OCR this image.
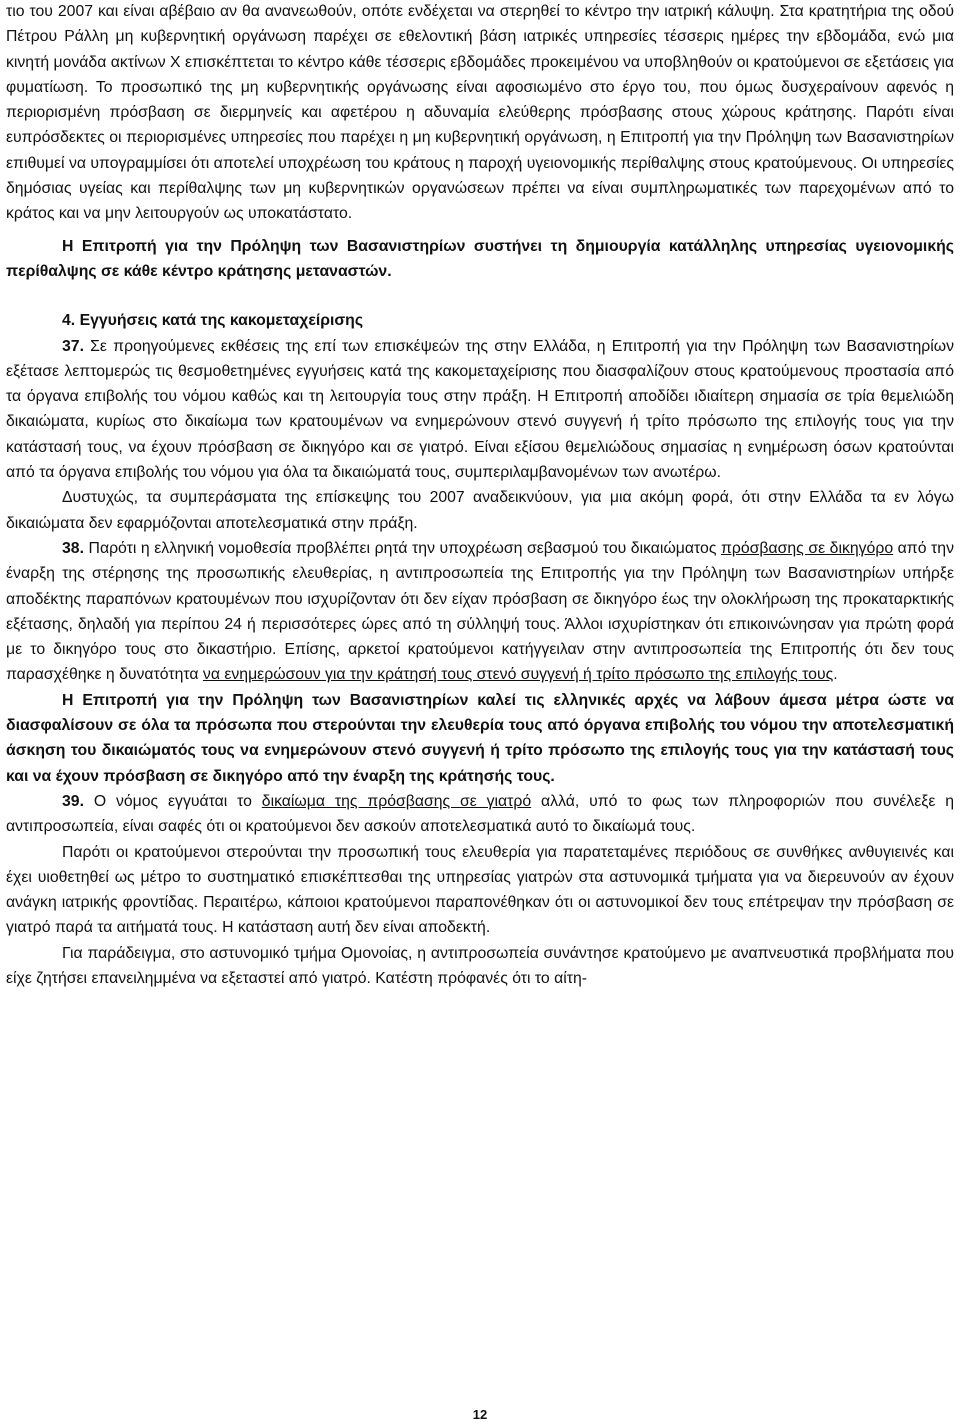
τιο του 2007 και είναι αβέβαιο αν θα ανανεωθούν, οπότε ενδέχεται να στερηθεί το κέντρο την ιατρική κάλυψη. Στα κρατητήρια της οδού Πέτρου Ράλλη μη κυβερνητική οργάνωση παρέχει σε εθελοντική βάση ιατρικές υπηρεσίες τέσσερις ημέρες την εβδομάδα, ενώ μια κινητή μονάδα ακτίνων Χ επισκέπτεται το κέντρο κάθε τέσσερις εβδομάδες προκειμένου να υποβληθούν οι κρατούμενοι σε εξετάσεις για φυματίωση. Το προσωπικό της μη κυβερνητικής οργάνωσης είναι αφοσιωμένο στο έργο του, που όμως δυσχεραίνουν αφενός η περιορισμένη πρόσβαση σε διερμηνείς και αφετέρου η αδυναμία ελεύθερης πρόσβασης στους χώρους κράτησης. Παρότι είναι ευπρόσδεκτες οι περιορισμένες υπηρεσίες που παρέχει η μη κυβερνητική οργάνωση, η Επιτροπή για την Πρόληψη των Βασανιστηρίων επιθυμεί να υπογραμμίσει ότι αποτελεί υποχρέωση του κράτους η παροχή υγειονομικής περίθαλψης στους κρατούμενους. Οι υπηρεσίες δημόσιας υγείας και περίθαλψης των μη κυβερνητικών οργανώσεων πρέπει να είναι συμπληρωματικές των παρεχομένων από το κράτος και να μην λειτουργούν ως υποκατάστατο.

Η Επιτροπή για την Πρόληψη των Βασανιστηρίων συστήνει τη δημιουργία κατάλληλης υπηρεσίας υγειονομικής περίθαλψης σε κάθε κέντρο κράτησης μεταναστών.

4. Εγγυήσεις κατά της κακομεταχείρισης

37. Σε προηγούμενες εκθέσεις της επί των επισκέψεών της στην Ελλάδα, η Επιτροπή για την Πρόληψη των Βασανιστηρίων εξέτασε λεπτομερώς τις θεσμοθετημένες εγγυήσεις κατά της κακομεταχείρισης που διασφαλίζουν στους κρατούμενους προστασία από τα όργανα επιβολής του νόμου καθώς και τη λειτουργία τους στην πράξη. Η Επιτροπή αποδίδει ιδιαίτερη σημασία σε τρία θεμελιώδη δικαιώματα, κυρίως στο δικαίωμα των κρατουμένων να ενημερώνουν στενό συγγενή ή τρίτο πρόσωπο της επιλογής τους για την κατάστασή τους, να έχουν πρόσβαση σε δικηγόρο και σε γιατρό. Είναι εξίσου θεμελιώδους σημασίας η ενημέρωση όσων κρατούνται από τα όργανα επιβολής του νόμου για όλα τα δικαιώματά τους, συμπεριλαμβανομένων των ανωτέρω.

Δυστυχώς, τα συμπεράσματα της επίσκεψης του 2007 αναδεικνύουν, για μια ακόμη φορά, ότι στην Ελλάδα τα εν λόγω δικαιώματα δεν εφαρμόζονται αποτελεσματικά στην πράξη.

38. Παρότι η ελληνική νομοθεσία προβλέπει ρητά την υποχρέωση σεβασμού του δικαιώματος πρόσβασης σε δικηγόρο από την έναρξη της στέρησης της προσωπικής ελευθερίας, η αντιπροσωπεία της Επιτροπής για την Πρόληψη των Βασανιστηρίων υπήρξε αποδέκτης παραπόνων κρατουμένων που ισχυρίζονταν ότι δεν είχαν πρόσβαση σε δικηγόρο έως την ολοκλήρωση της προκαταρκτικής εξέτασης, δηλαδή για περίπου 24 ή περισσότερες ώρες από τη σύλληψή τους. Άλλοι ισχυρίστηκαν ότι επικοινώνησαν για πρώτη φορά με το δικηγόρο τους στο δικαστήριο. Επίσης, αρκετοί κρατούμενοι κατήγγειλαν στην αντιπροσωπεία της Επιτροπής ότι δεν τους παρασχέθηκε η δυνατότητα να ενημερώσουν για την κράτησή τους στενό συγγενή ή τρίτο πρόσωπο της επιλογής τους.

Η Επιτροπή για την Πρόληψη των Βασανιστηρίων καλεί τις ελληνικές αρχές να λάβουν άμεσα μέτρα ώστε να διασφαλίσουν σε όλα τα πρόσωπα που στερούνται την ελευθερία τους από όργανα επιβολής του νόμου την αποτελεσματική άσκηση του δικαιώματός τους να ενημερώνουν στενό συγγενή ή τρίτο πρόσωπο της επιλογής τους για την κατάστασή τους και να έχουν πρόσβαση σε δικηγόρο από την έναρξη της κράτησής τους.

39. Ο νόμος εγγυάται το δικαίωμα της πρόσβασης σε γιατρό αλλά, υπό το φως των πληροφοριών που συνέλεξε η αντιπροσωπεία, είναι σαφές ότι οι κρατούμενοι δεν ασκούν αποτελεσματικά αυτό το δικαίωμά τους.

Παρότι οι κρατούμενοι στερούνται την προσωπική τους ελευθερία για παρατεταμένες περιόδους σε συνθήκες ανθυγιεινές και έχει υιοθετηθεί ως μέτρο το συστηματικό επισκέπτεσθαι της υπηρεσίας γιατρών στα αστυνομικά τμήματα για να διερευνούν αν έχουν ανάγκη ιατρικής φροντίδας. Περαιτέρω, κάποιοι κρατούμενοι παραπονέθηκαν ότι οι αστυνομικοί δεν τους επέτρεψαν την πρόσβαση σε γιατρό παρά τα αιτήματά τους. Η κατάσταση αυτή δεν είναι αποδεκτή.

Για παράδειγμα, στο αστυνομικό τμήμα Ομονοίας, η αντιπροσωπεία συνάντησε κρατούμενο με αναπνευστικά προβλήματα που είχε ζητήσει επανειλημμένα να εξεταστεί από γιατρό. Κατέστη πρόφανές ότι το αίτη-

12
